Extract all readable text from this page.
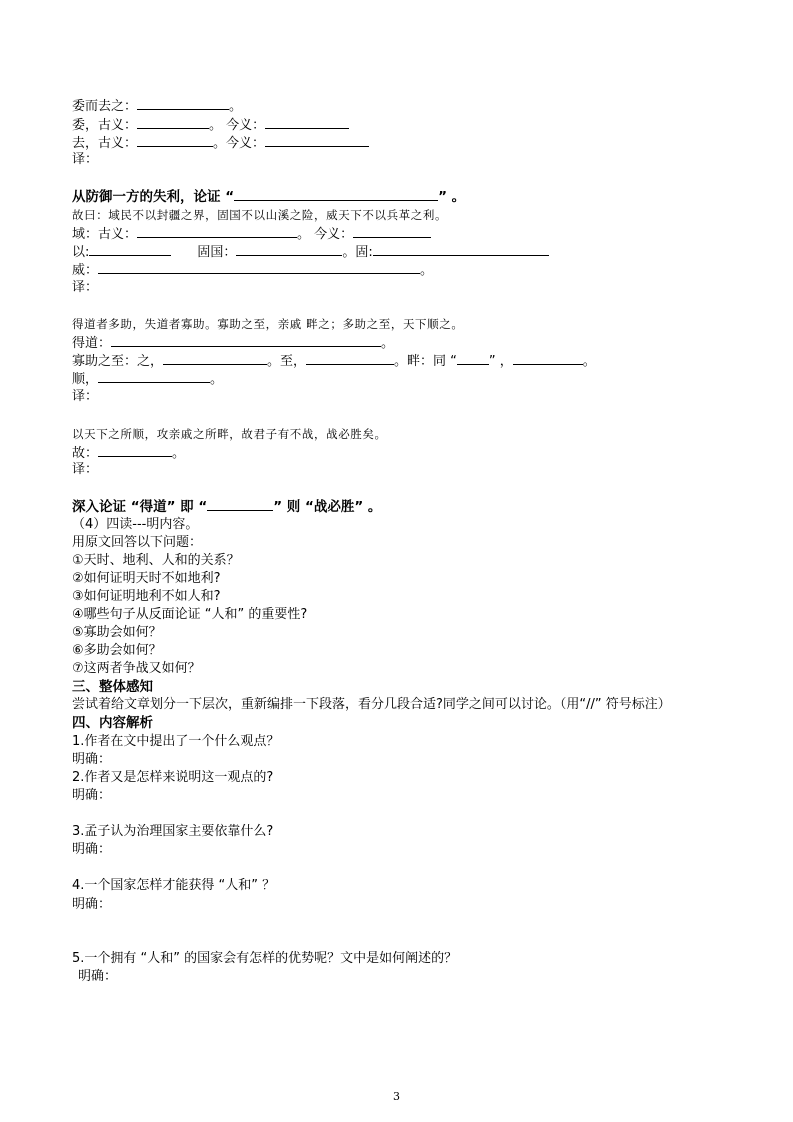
委而去之：	。
委，古义：	。 今义：
去，古义：	。今义：
译：
从防御一方的失利，论证 “	” 。
故曰：域民不以封疆之界，固国不以山溪之险，威天下不以兵革之利。
域：古义：	。 今义：
以:	固国：	。固:
威：	。
译：
得道者多助，失道者寡助。寡助之至，亲戚 畔之；多助之至，天下顺之。
得道：	。
寡助之至：之，	。至，	。畔：同 “ ” ，	。
顺，	。
译：
以天下之所顺，攻亲戚之所畔，故君子有不战，战必胜矣。
故：	。
译：
深入论证 “得道” 即 “	” 则 “战必胜” 。
（4）四读---明内容。
用原文回答以下问题：
①天时、地利、人和的关系？
②如何证明天时不如地利?
③如何证明地利不如人和?
④哪些句子从反面论证 “人和” 的重要性?
⑤寡助会如何？
⑥多助会如何？
⑦这两者争战又如何？
三、整体感知
尝试着给文章划分一下层次，重新编排一下段落，看分几段合适?同学之间可以讨论。（用“//” 符号标注）
四、内容解析
1.作者在文中提出了一个什么观点？
明确：
2.作者又是怎样来说明这一观点的?
明确：
3.孟子认为治理国家主要依靠什么?
明确：
4.一个国家怎样才能获得 “人和” ？
明确：
5.一个拥有 “人和” 的国家会有怎样的优势呢？文中是如何阐述的？
明确：
3
